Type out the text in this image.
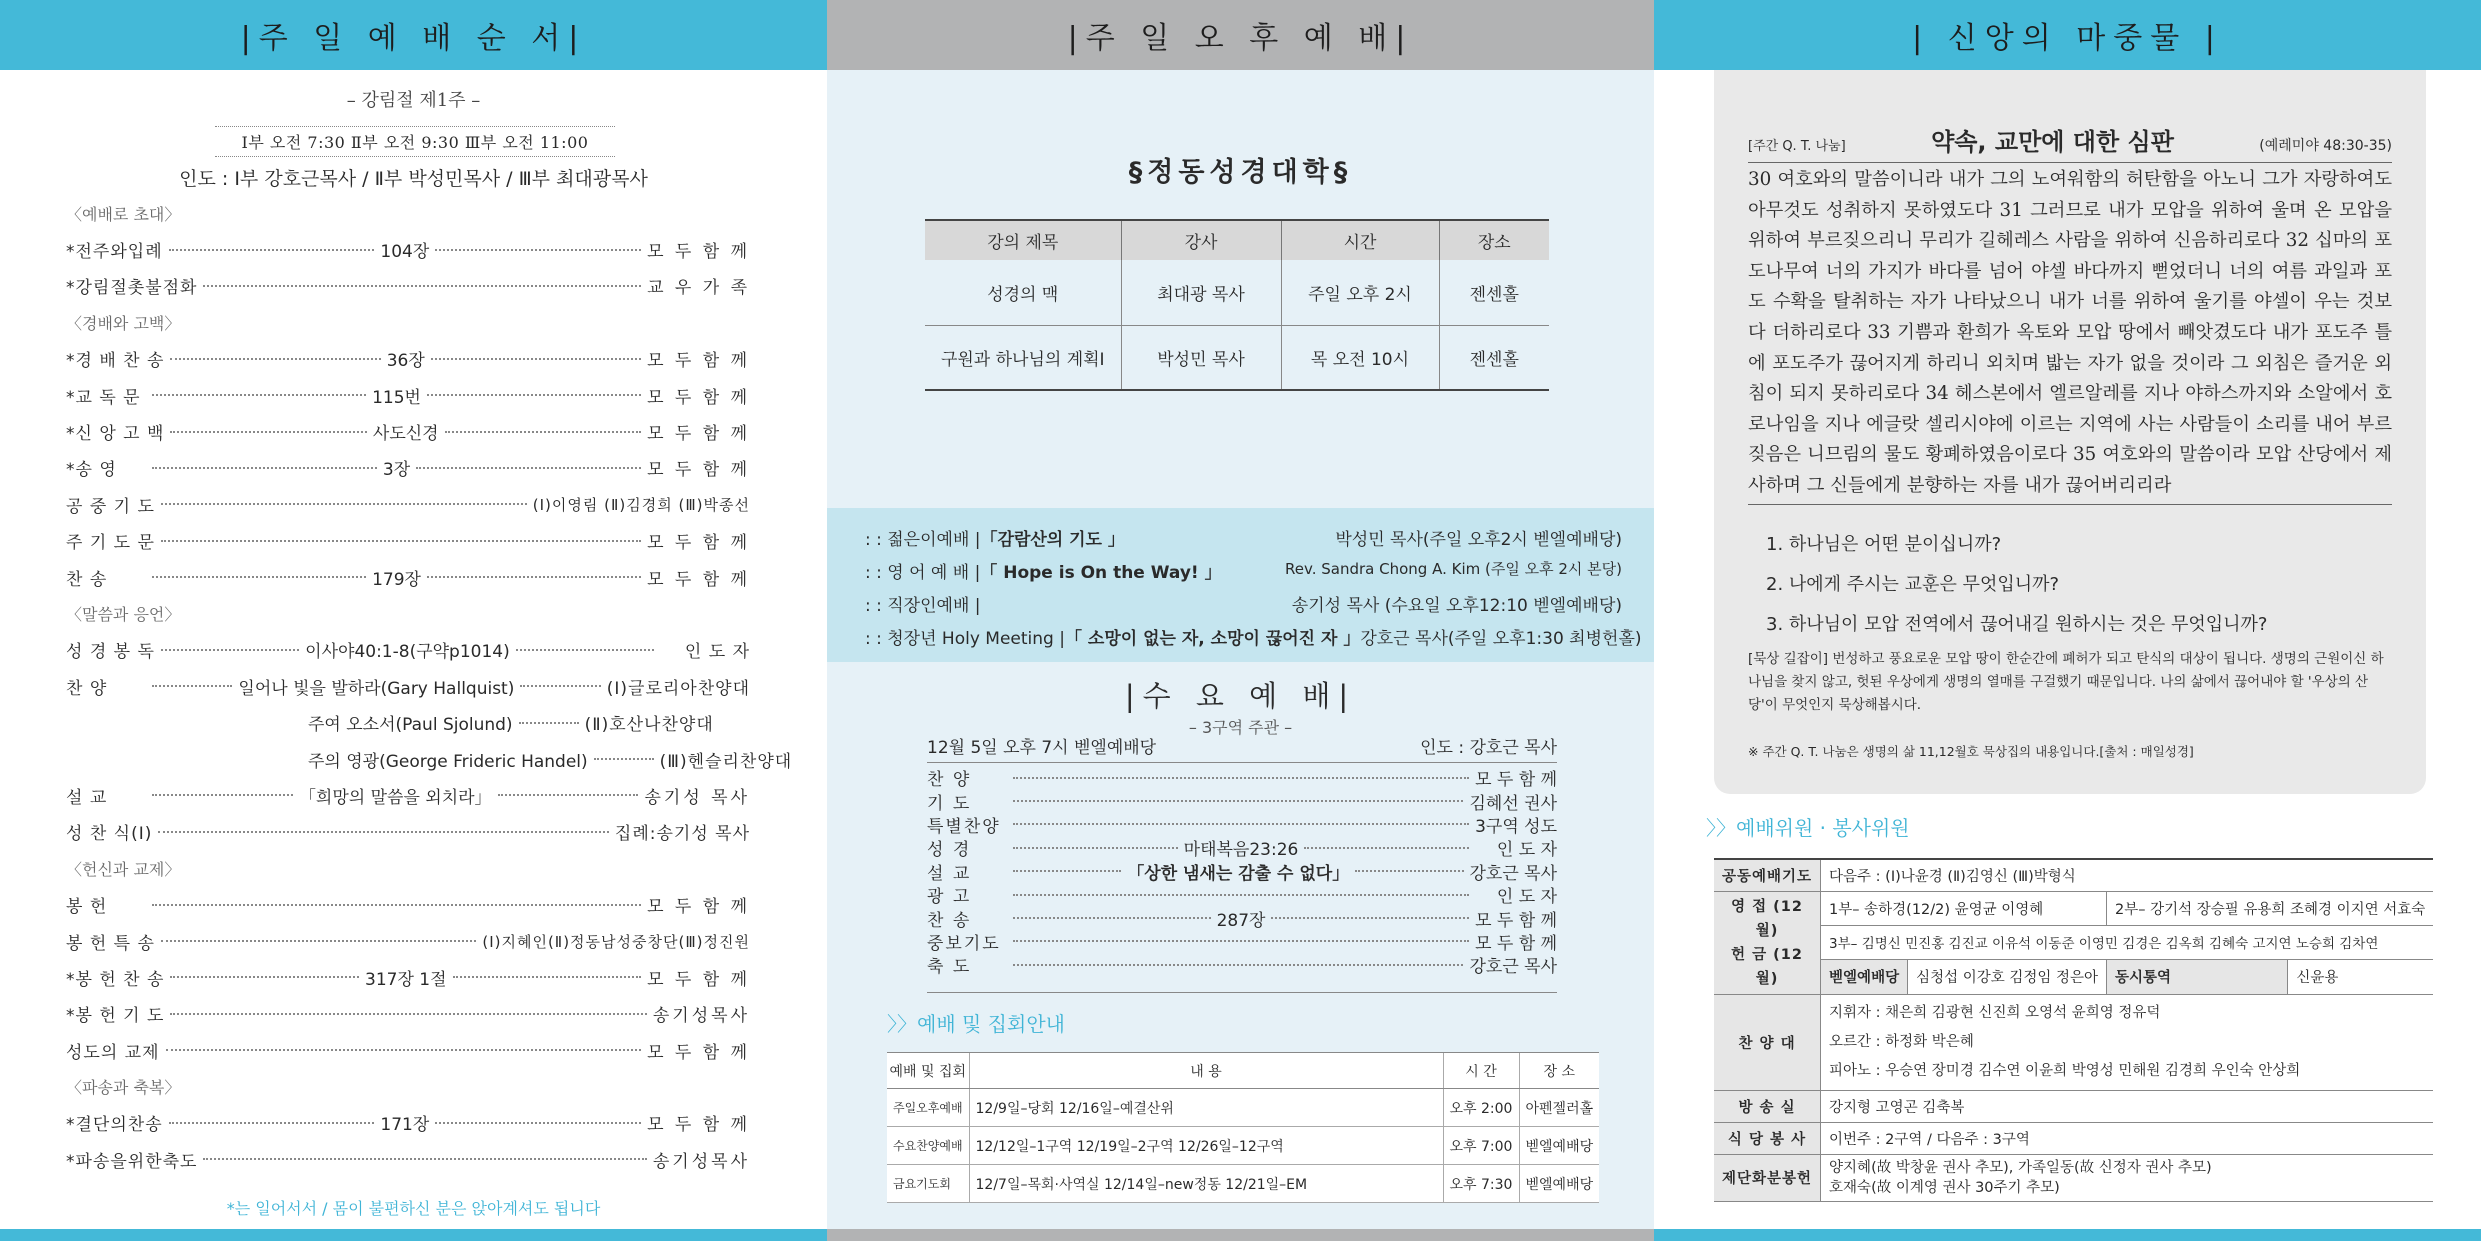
|주 일 예 배 순 서|
– 강림절 제1주 –
Ⅰ부 오전 7:30 Ⅱ부 오전 9:30 Ⅲ부 오전 11:00
인도 : Ⅰ부 강호근목사 / Ⅱ부 박성민목사 / Ⅲ부 최대광목사
〈예배로 초대〉
*전주와입례	104장	모 두 함 께
*강림절촛불점화	교 우 가 족
〈경배와 고백〉
*경 배 찬 송	36장	모 두 함 께
*교 독 문	115번	모 두 함 께
*신 앙 고 백	사도신경	모 두 함 께
*송 영	3장	모 두 함 께
공 중 기 도	(Ⅰ)이영림 (Ⅱ)김경희 (Ⅲ)박종선
주 기 도 문	모 두 함 께
찬 송	179장	모 두 함 께
〈말씀과 응언〉
성 경 봉 독	이사야40:1-8(구약p1014)	인 도 자
찬 양	일어나 빛을 발하라(Gary Hallquist)	(Ⅰ)글로리아찬양대
주여 오소서(Paul Sjolund)	(Ⅱ)호산나찬양대
주의 영광(George Frideric Handel)	(Ⅲ)헨슬리찬양대
설 교	「희망의 말씀을 외치라」	송기성 목사
성 찬 식(I)	집례:송기성 목사
〈헌신과 교제〉
봉 헌	모 두 함 께
봉 헌 특 송	(Ⅰ)지혜인(Ⅱ)정동남성중창단(Ⅲ)정진원
*봉 헌 찬 송	317장 1절	모 두 함 께
*봉 헌 기 도	송기성목사
성도의 교제	모 두 함 께
〈파송과 축복〉
*결단의찬송	171장	모 두 함 께
*파송을위한축도	송기성목사
*는 일어서서 / 몸이 불편하신 분은 앉아계셔도 됩니다
|주 일 오 후 예 배|
§정동성경대학§
강의 제목	강사	시간	장소
성경의 맥	최대광 목사	주일 오후 2시	젠센홀
구원과 하나님의 계획Ⅰ	박성민 목사	목 오전 10시	젠센홀
: : 젊은이예배 |「감람산의 기도 」	박성민 목사(주일 오후2시 벧엘예배당)
: : 영 어 예 배 |「 Hope is On the Way! 」	Rev. Sandra Chong A. Kim (주일 오후 2시 본당)
: : 직장인예배 |	송기성 목사 (수요일 오후12:10 벧엘예배당)
: : 청장년 Holy Meeting |「 소망이 없는 자, 소망이 끊어진 자 」 강호근 목사(주일 오후1:30 최병헌홀)
|수 요 예 배|
– 3구역 주관 –
12월 5일 오후 7시 벧엘예배당	인도 : 강호근 목사
찬 양	모 두 함 께
기 도	김혜선 권사
특별찬양	3구역 성도
성 경	마태복음23:26	인 도 자
설 교	「상한 냄새는 감출 수 없다」	강호근 목사
광 고	인 도 자
찬 송	287장	모 두 함 께
중보기도	모 두 함 께
축 도	강호근 목사
〉〉예배 및 집회안내
예배 및 집회	내 용	시 간	장 소
주일오후예배	12/9일–당회 12/16일–예결산위	오후 2:00	아펜젤러홀
수요찬양예배	12/12일–1구역 12/19일–2구역 12/26일–12구역	오후 7:00	벧엘예배당
금요기도회	12/7일–목회·사역실 12/14일–new정동 12/21일–EM	오후 7:30	벧엘예배당
| 신앙의 마중물 |
[주간 Q. T. 나눔]	약속, 교만에 대한 심판	(예레미야 48:30-35)
30 여호와의 말씀이니라 내가 그의 노여워함의 허탄함을 아노니 그가 자랑하여도 아무것도 성취하지 못하였도다 31 그러므로 내가 모압을 위하여 울며 온 모압을 위하여 부르짖으리니 무리가 길헤레스 사람을 위하여 신음하리로다 32 십마의 포도나무여 너의 가지가 바다를 넘어 야셀 바다까지 뻗었더니 너의 여름 과일과 포도 수확을 탈취하는 자가 나타났으니 내가 너를 위하여 울기를 야셀이 우는 것보다 더하리로다 33 기쁨과 환희가 옥토와 모압 땅에서 빼앗겼도다 내가 포도주 틀에 포도주가 끊어지게 하리니 외치며 밟는 자가 없을 것이라 그 외침은 즐거운 외침이 되지 못하리로다 34 헤스본에서 엘르알레를 지나 야하스까지와 소알에서 호로나임을 지나 에글랏 셀리시야에 이르는 지역에 사는 사람들이 소리를 내어 부르짖음은 니므림의 물도 황폐하였음이로다 35 여호와의 말씀이라 모압 산당에서 제사하며 그 신들에게 분향하는 자를 내가 끊어버리리라
1. 하나님은 어떤 분이십니까?
2. 나에게 주시는 교훈은 무엇입니까?
3. 하나님이 모압 전역에서 끊어내길 원하시는 것은 무엇입니까?
[묵상 길잡이] 번성하고 풍요로운 모압 땅이 한순간에 폐허가 되고 탄식의 대상이 됩니다. 생명의 근원이신 하나님을 찾지 않고, 헛된 우상에게 생명의 열매를 구걸했기 때문입니다. 나의 삶에서 끊어내야 할 '우상의 산당'이 무엇인지 묵상해봅시다.
※ 주간 Q. T. 나눔은 생명의 삶 11,12월호 묵상집의 내용입니다.[출처 : 매일성경]
〉〉예배위원 · 봉사위원
공동예배기도	다음주 : (Ⅰ)나윤경 (Ⅱ)김영신 (Ⅲ)박형식			
영 접 (12월)
헌 금 (12월)	1부– 송하경(12/2) 윤영균 이영혜		2부– 강기석 장승필 유용희 조혜경 이지연 서효숙	
	3부– 김명신 민진홍 김진교 이유석 이동준 이영민 김경은 김옥희 김혜숙 고지연 노승희 김차연			
	벧엘예배당	심청섭 이강호 김정임 정은아	동시통역	신윤용
찬 양 대	지휘자 : 채은희 김광현 신진희 오영석 윤희영 정유덕
오르간 : 하정화 박은혜
피아노 : 우승연 장미경 김수연 이윤희 박영성 민해원 김경희 우인숙 안상희			

방 송 실	강지형 고영곤 김축복			
식 당 봉 사	이번주 : 2구역 / 다음주 : 3구역			
제단화분봉헌	양지혜(故 박창윤 권사 추모), 가족일동(故 신정자 권사 추모)
호재숙(故 이계영 권사 30주기 추모)			
